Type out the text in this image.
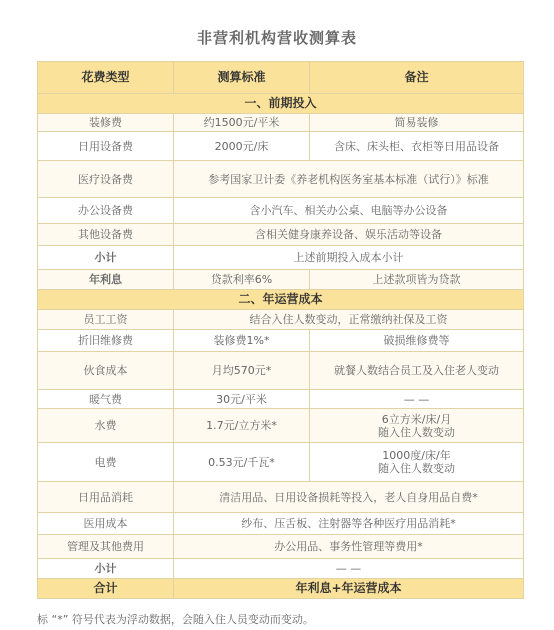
非营利机构营收测算表
花费类型	测算标准	备注
一、前期投入		
装修费	约1500元/平米	简易装修
日用设备费	2000元/床	含床、床头柜、衣柜等日用品设备
医疗设备费	参考国家卫计委《养老机构医务室基本标准（试行）》标准	
办公设备费	含小汽车、相关办公桌、电脑等办公设备	
其他设备费	含相关健身康养设备、娱乐活动等设备	
小计	上述前期投入成本小计	
年利息	贷款利率6%	上述款项皆为贷款
二、年运营成本		
员工工资	结合入住人数变动，正常缴纳社保及工资	
折旧维修费	装修费1%*	破损维修费等
伙食成本	月均570元*	就餐人数结合员工及入住老人变动
暖气费	30元/平米	— —
水费	1.7元/立方米*	6立方米/床/月
随入住人数变动
电费	0.53元/千瓦*	1000度/床/年
随入住人数变动
日用品消耗	清洁用品、日用设备损耗等投入，老人自身用品自费*	
医用成本	纱布、压舌板、注射器等各种医疗用品消耗*	
管理及其他费用	办公用品、事务性管理等费用*	
小计	— —	
合计	年利息+年运营成本	
标 “*” 符号代表为浮动数据，会随入住人员变动而变动。
